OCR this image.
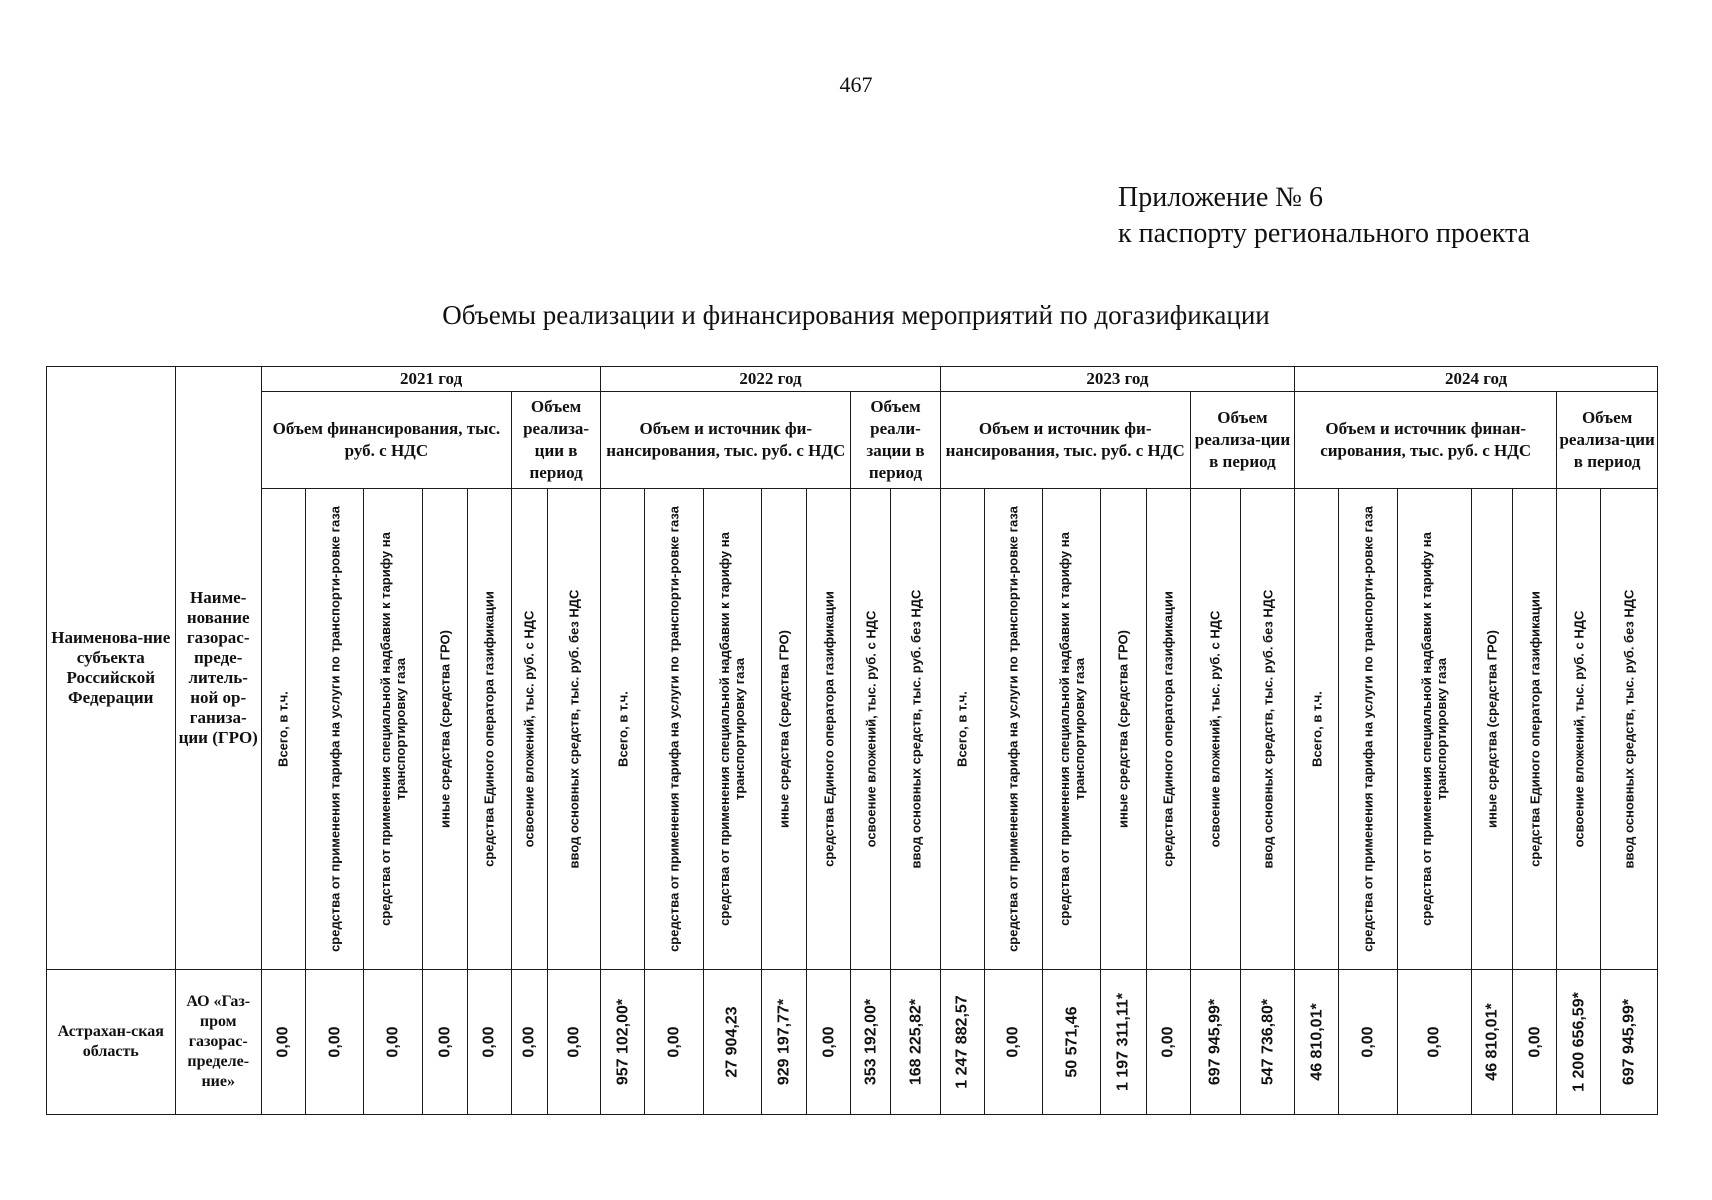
467
Приложение № 6
к паспорту регионального проекта
Объемы реализации и финансирования мероприятий по догазификации
Наименова-ние субъекта Российской Федерации	Наиме-нование газорас-преде-литель-ной ор-ганиза-ции (ГРО)	2021 год							2022 год							2023 год							2024 год						
		Объем финансирования, тыс. руб. с НДС					Объем реализа-ции в период		Объем и источник фи-нансирования, тыс. руб. с НДС					Объем реали-зации в период		Объем и источник фи-нансирования, тыс. руб. с НДС					Объем реализа-ции в период		Объем и источник финан-сирования, тыс. руб. с НДС					Объем реализа-ции в период	

		Всего, в т.ч.	средства от применения тарифа на услуги по транспорти-ровке газа	средства от применения специальной надбавки к тарифу на транспортировку газа	иные средства (средства ГРО)	средства Единого оператора газификации	освоение вложений, тыс. руб. с НДС	ввод основных средств, тыс. руб. без НДС	Всего, в т.ч.	средства от применения тарифа на услуги по транспорти-ровке газа	средства от применения специальной надбавки к тарифу на транспортировку газа	иные средства (средства ГРО)	средства Единого оператора газификации	освоение вложений, тыс. руб. с НДС	ввод основных средств, тыс. руб. без НДС	Всего, в т.ч.	средства от применения тарифа на услуги по транспорти-ровке газа	средства от применения специальной надбавки к тарифу на транспортировку газа	иные средства (средства ГРО)	средства Единого оператора газификации	освоение вложений, тыс. руб. с НДС	ввод основных средств, тыс. руб. без НДС	Всего, в т.ч.	средства от применения тарифа на услуги по транспорти-ровке газа	средства от применения специальной надбавки к тарифу на транспортировку газа	иные средства (средства ГРО)	средства Единого оператора газификации	освоение вложений, тыс. руб. с НДС	ввод основных средств, тыс. руб. без НДС

Астрахан-ская область	АО «Газ-пром газорас-пределе-ние»	0,00	0,00	0,00	0,00	0,00	0,00	0,00	957 102,00*	0,00	27 904,23	929 197,77*	0,00	353 192,00*	168 225,82*	1 247 882,57	0,00	50 571,46	1 197 311,11*	0,00	697 945,99*	547 736,80*	46 810,01*	0,00	0,00	46 810,01*	0,00	1 200 656,59*	697 945,99*
